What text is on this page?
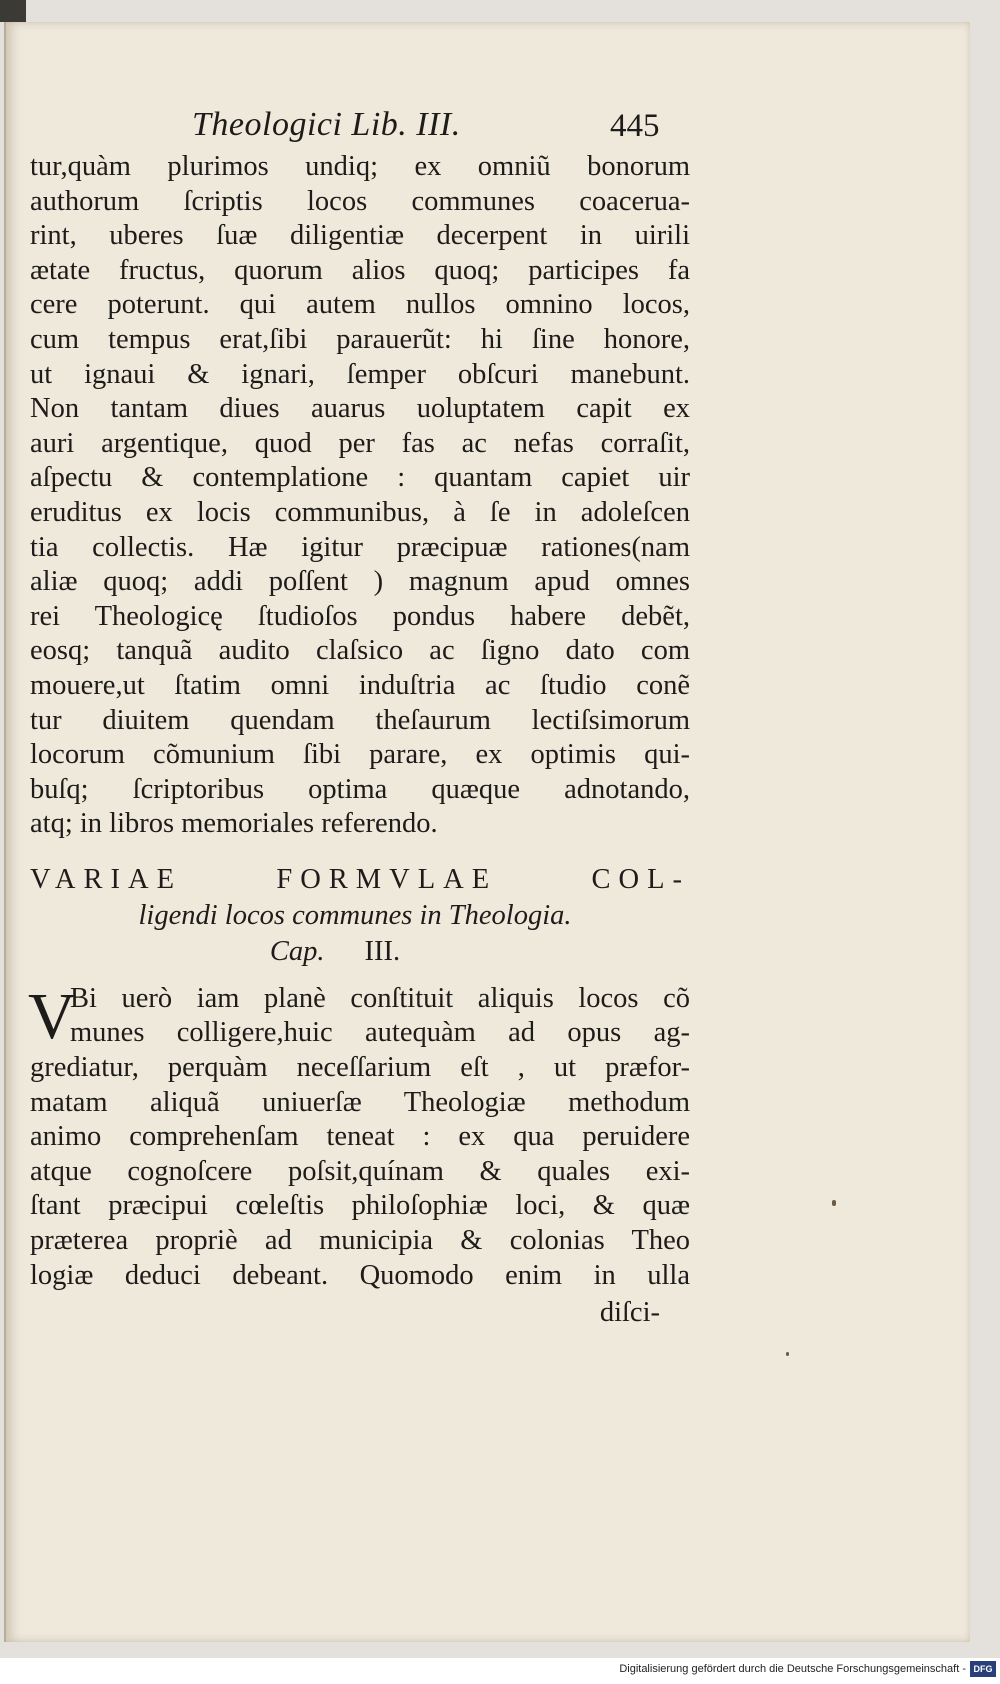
Theologici Lib. III.	445
tur,quàm plurimos undiq; ex omniũ bonorum
authorum ſcriptis locos communes coacerua-
rint, uberes ſuæ diligentiæ decerpent in uirili
ætate fructus, quorum alios quoq; participes fa
cere poterunt. qui autem nullos omnino locos,
cum tempus erat,ſibi parauerũt: hi ſine honore,
ut ignaui & ignari, ſemper obſcuri manebunt.
Non tantam diues auarus uoluptatem capit ex
auri argentique, quod per fas ac nefas corraſit,
aſpectu & contemplatione : quantam capiet uir
eruditus ex locis communibus, à ſe in adoleſcen
tia collectis. Hæ igitur præcipuæ rationes(nam
aliæ quoq; addi poſſent ) magnum apud omnes
rei Theologicę ſtudioſos pondus habere debẽt,
eosq; tanquã audito claſsico ac ſigno dato com
mouere,ut ſtatim omni induſtria ac ſtudio conẽ
tur diuitem quendam theſaurum lectiſsimorum
locorum cõmunium ſibi parare, ex optimis qui-
buſq; ſcriptoribus optima quæque adnotando,
atq; in libros memoriales referendo.
VARIAE FORMVLAE COL-
ligendi locos communes in Theologia.
Cap. III.
V
Bi uerò iam planè conſtituit aliquis locos cõ
munes colligere,huic autequàm ad opus ag-
grediatur, perquàm neceſſarium eſt , ut præfor-
matam aliquã uniuerſæ Theologiæ methodum
animo comprehenſam teneat : ex qua peruidere
atque cognoſcere poſsit,quínam & quales exi-
ſtant præcipui cœleſtis philoſophiæ loci, & quæ
præterea propriè ad municipia & colonias Theo
logiæ deduci debeant. Quomodo enim in ulla
diſci-
Digitalisierung gefördert durch die Deutsche Forschungsgemeinschaft - DFG
